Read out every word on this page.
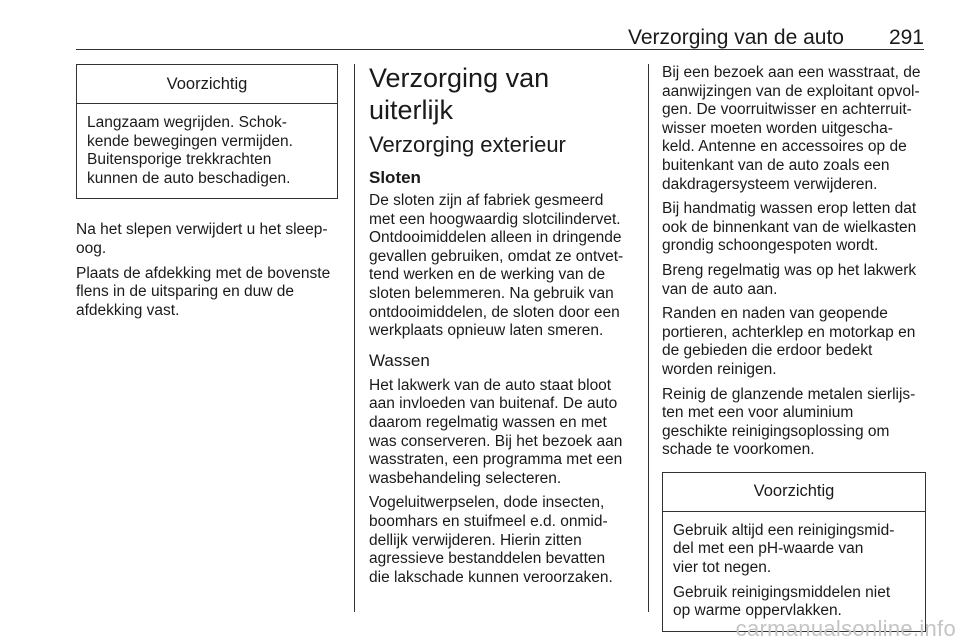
Verzorging van de auto 291
Voorzichtig

Langzaam wegrijden. Schok-
kende bewegingen vermijden.
Buitensporige trekkrachten
kunnen de auto beschadigen.

Na het slepen verwijdert u het sleep-
oog.

Plaats de afdekking met de bovenste
flens in de uitsparing en duw de
afdekking vast.

Verzorging van uiterlijk
Verzorging exterieur
Sloten

De sloten zijn af fabriek gesmeerd
met een hoogwaardig slotcilindervet.
Ontdooimiddelen alleen in dringende
gevallen gebruiken, omdat ze ontvet-
tend werken en de werking van de
sloten belemmeren. Na gebruik van
ontdooimiddelen, de sloten door een
werkplaats opnieuw laten smeren.

Wassen

Het lakwerk van de auto staat bloot
aan invloeden van buitenaf. De auto
daarom regelmatig wassen en met
was conserveren. Bij het bezoek aan
wasstraten, een programma met een
wasbehandeling selecteren.

Vogeluitwerpselen, dode insecten,
boomhars en stuifmeel e.d. onmid-
dellijk verwijderen. Hierin zitten
agressieve bestanddelen bevatten
die lakschade kunnen veroorzaken.

Bij een bezoek aan een wasstraat, de
aanwijzingen van de exploitant opvol-
gen. De voorruitwisser en achterruit-
wisser moeten worden uitgescha-
keld. Antenne en accessoires op de
buitenkant van de auto zoals een
dakdragersysteem verwijderen.

Bij handmatig wassen erop letten dat
ook de binnenkant van de wielkasten
grondig schoongespoten wordt.

Breng regelmatig was op het lakwerk
van de auto aan.

Randen en naden van geopende
portieren, achterklep en motorkap en
de gebieden die erdoor bedekt
worden reinigen.

Reinig de glanzende metalen sierlijs-
ten met een voor aluminium
geschikte reinigingsoplossing om
schade te voorkomen.

Voorzichtig

Gebruik altijd een reinigingsmid-
del met een pH-waarde van
vier tot negen.

Gebruik reinigingsmiddelen niet
op warme oppervlakken.

carmanualsonline.info
